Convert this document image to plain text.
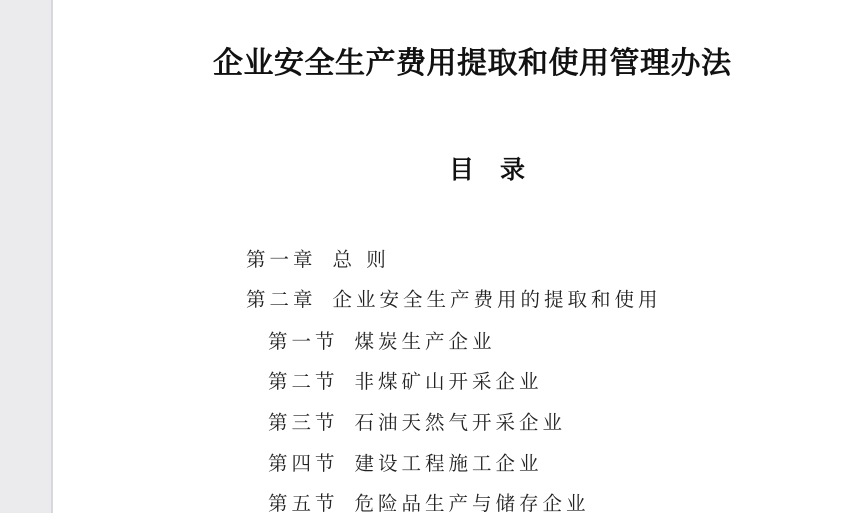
企业安全生产费用提取和使用管理办法
目 录
第一章 总 则
第二章 企业安全生产费用的提取和使用
第一节 煤炭生产企业
第二节 非煤矿山开采企业
第三节 石油天然气开采企业
第四节 建设工程施工企业
第五节 危险品生产与储存企业
